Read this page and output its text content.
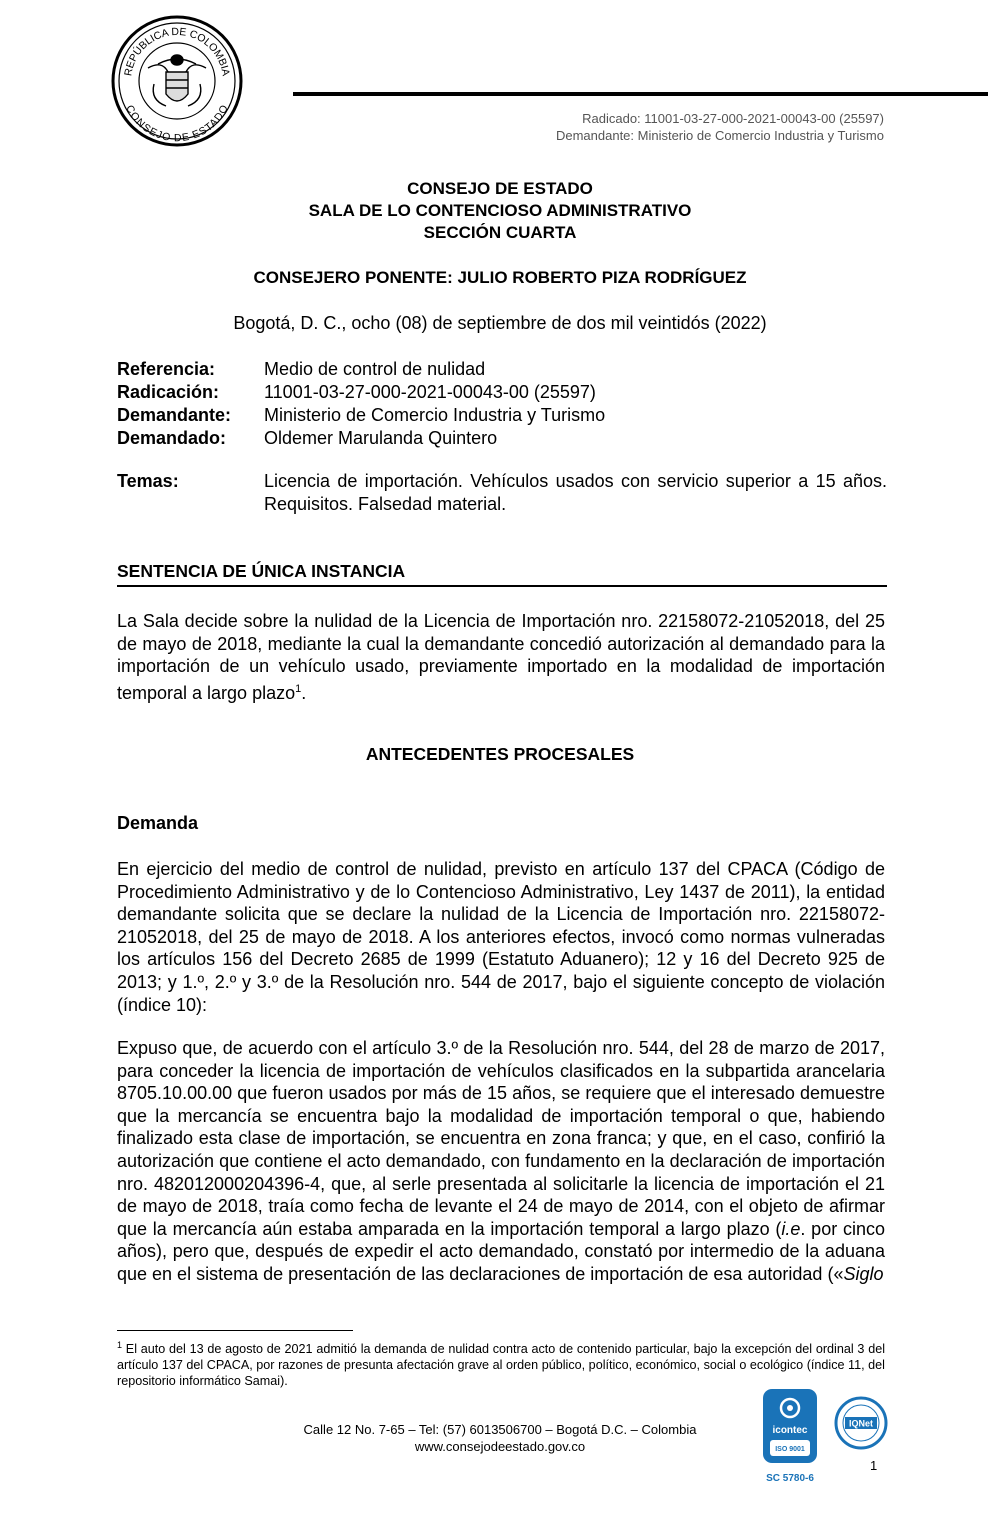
REPÚBLICA DE COLOMBIA
CONSEJO DE ESTADO
Radicado: 11001-03-27-000-2021-00043-00 (25597)
Demandante: Ministerio de Comercio Industria y Turismo
CONSEJO DE ESTADO
SALA DE LO CONTENCIOSO ADMINISTRATIVO
SECCIÓN CUARTA
CONSEJERO PONENTE: JULIO ROBERTO PIZA RODRÍGUEZ
Bogotá, D. C., ocho (08) de septiembre de dos mil veintidós (2022)
Referencia:	Medio de control de nulidad
Radicación:	11001-03-27-000-2021-00043-00 (25597)
Demandante:	Ministerio de Comercio Industria y Turismo
Demandado:	Oldemer Marulanda Quintero
Temas:	Licencia de importación. Vehículos usados con servicio superior a 15 años. Requisitos. Falsedad material.
SENTENCIA DE ÚNICA INSTANCIA
La Sala decide sobre la nulidad de la Licencia de Importación nro. 22158072-21052018, del 25 de mayo de 2018, mediante la cual la demandante concedió autorización al demandado para la importación de un vehículo usado, previamente importado en la modalidad de importación temporal a largo plazo$^1$.
ANTECEDENTES PROCESALES
Demanda
En ejercicio del medio de control de nulidad, previsto en artículo 137 del CPACA (Código de Procedimiento Administrativo y de lo Contencioso Administrativo, Ley 1437 de 2011), la entidad demandante solicita que se declare la nulidad de la Licencia de Importación nro. 22158072-21052018, del 25 de mayo de 2018. A los anteriores efectos, invocó como normas vulneradas los artículos 156 del Decreto 2685 de 1999 (Estatuto Aduanero); 12 y 16 del Decreto 925 de 2013; y 1.º, 2.º y 3.º de la Resolución nro. 544 de 2017, bajo el siguiente concepto de violación (índice 10):
Expuso que, de acuerdo con el artículo 3.º de la Resolución nro. 544, del 28 de marzo de 2017, para conceder la licencia de importación de vehículos clasificados en la subpartida arancelaria 8705.10.00.00 que fueron usados por más de 15 años, se requiere que el interesado demuestre que la mercancía se encuentra bajo la modalidad de importación temporal o que, habiendo finalizado esta clase de importación, se encuentra en zona franca; y que, en el caso, confirió la autorización que contiene el acto demandado, con fundamento en la declaración de importación nro. 482012000204396-4, que, al serle presentada al solicitarle la licencia de importación el 21 de mayo de 2018, traía como fecha de levante el 24 de mayo de 2014, con el objeto de afirmar que la mercancía aún estaba amparada en la importación temporal a largo plazo (i.e. por cinco años), pero que, después de expedir el acto demandado, constató por intermedio de la aduana que en el sistema de presentación de las declaraciones de importación de esa autoridad («Siglo
$^1$ El auto del 13 de agosto de 2021 admitió la demanda de nulidad contra acto de contenido particular, bajo la excepción del ordinal 3 del artículo 137 del CPACA, por razones de presunta afectación grave al orden público, político, económico, social o ecológico (índice 11, del repositorio informático Samai).
Calle 12 No. 7-65 – Tel: (57) 6013506700 – Bogotá D.C. – Colombia
www.consejodeestado.gov.co
icontec
ISO 9001
SC 5780-6
IQNet
1
